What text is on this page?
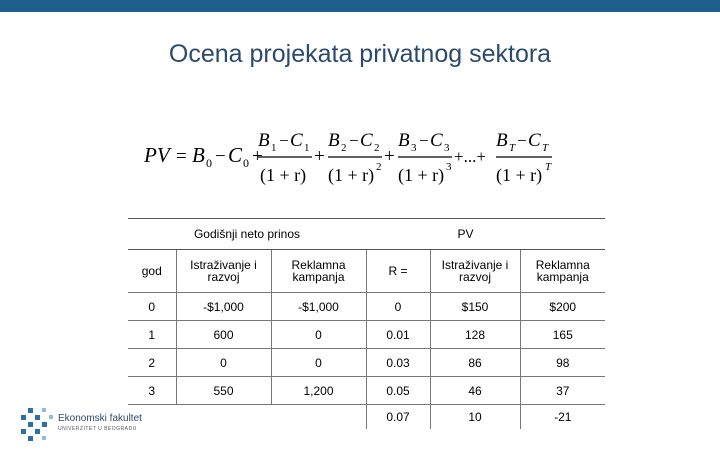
Ocena projekata privatnog sektora
PV = B 0 − C 0 +
B 1 − C 1
(1 + r)
+
B 2 − C 2
(1 + r) 2 +
B 3 − C 3
(1 + r) 3
+...+
B T − C T
(1 + r) T
Godišnji neto prinos			PV		
god	Istraživanje i razvoj	Reklamna kampanja	R =	Istraživanje i razvoj	Reklamna kampanja
0	-$1,000	-$1,000	0	$150	$200
1	600	0	0.01	128	165
2	0	0	0.03	86	98
3	550	1,200	0.05	46	37
			0.07	10	-21
Ekonomski fakultet
UNIVERZITET U BEOGRADU
